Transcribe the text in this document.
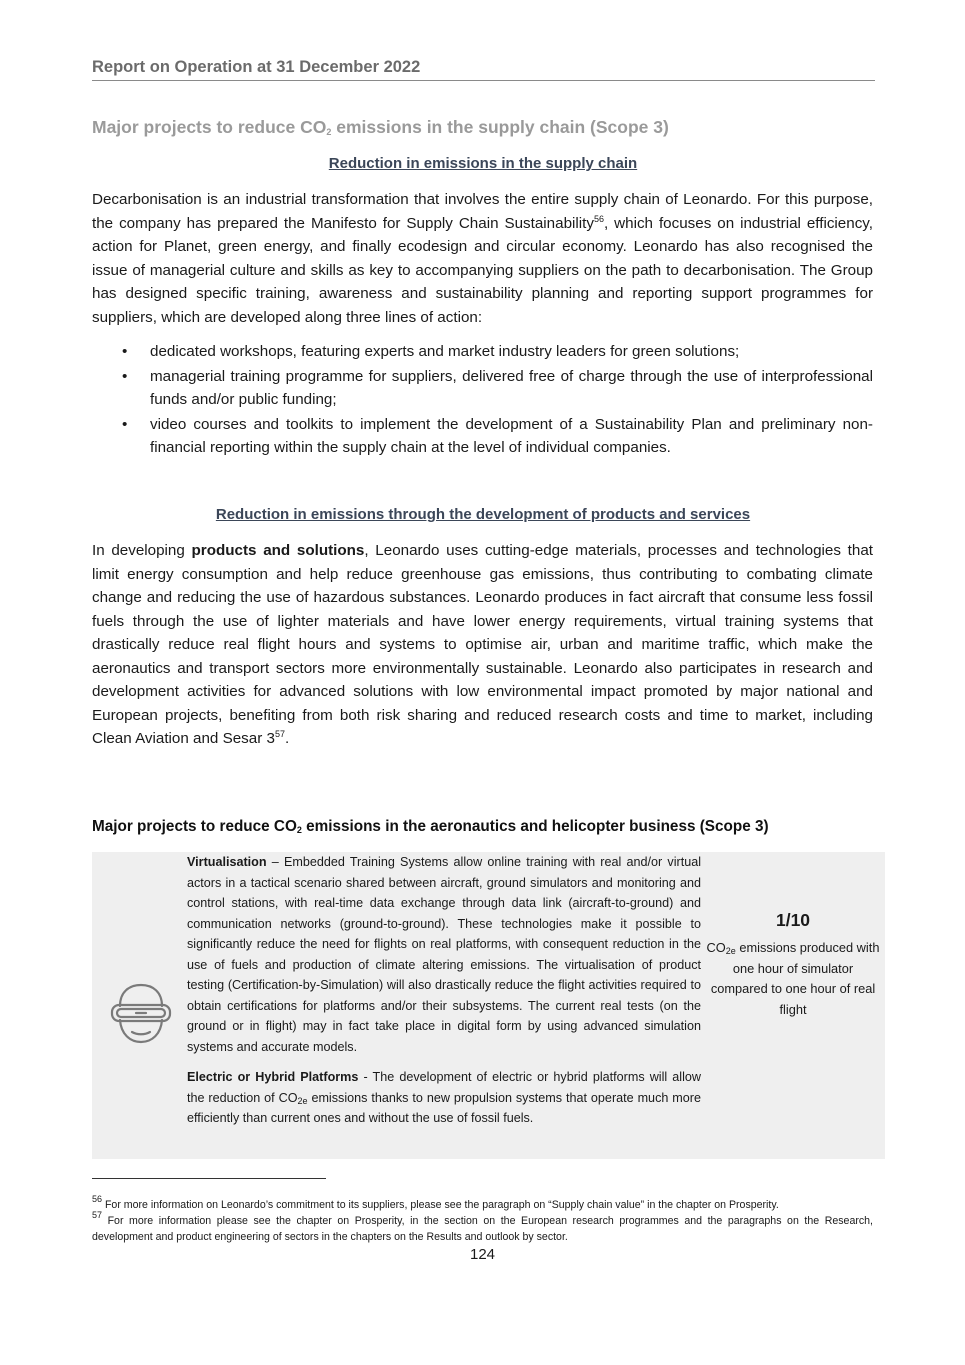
Report on Operation at 31 December 2022
Major projects to reduce $CO_2$ emissions in the supply chain (Scope 3)
Reduction in emissions in the supply chain

Decarbonisation is an industrial transformation that involves the entire supply chain of Leonardo. For this purpose, the company has prepared the Manifesto for Supply Chain Sustainability$^{56}$, which focuses on industrial efficiency, action for Planet, green energy, and finally ecodesign and circular economy. Leonardo has also recognised the issue of managerial culture and skills as key to accompanying suppliers on the path to decarbonisation. The Group has designed specific training, awareness and sustainability planning and reporting support programmes for suppliers, which are developed along three lines of action:

• dedicated workshops, featuring experts and market industry leaders for green solutions;
• managerial training programme for suppliers, delivered free of charge through the use of interprofessional funds and/or public funding;
• video courses and toolkits to implement the development of a Sustainability Plan and preliminary non-financial reporting within the supply chain at the level of individual companies.
Reduction in emissions through the development of products and services

In developing products and solutions, Leonardo uses cutting-edge materials, processes and technologies that limit energy consumption and help reduce greenhouse gas emissions, thus contributing to combating climate change and reducing the use of hazardous substances. Leonardo produces in fact aircraft that consume less fossil fuels through the use of lighter materials and have lower energy requirements, virtual training systems that drastically reduce real flight hours and systems to optimise air, urban and maritime traffic, which make the aeronautics and transport sectors more environmentally sustainable. Leonardo also participates in research and development activities for advanced solutions with low environmental impact promoted by major national and European projects, benefiting from both risk sharing and reduced research costs and time to market, including Clean Aviation and Sesar $3^{57}$.

Major projects to reduce $CO_2$ emissions in the aeronautics and helicopter business (Scope 3)

Virtualisation – Embedded Training Systems allow online training with real and/or virtual actors in a tactical scenario shared between aircraft, ground simulators and monitoring and control stations, with real-time data exchange through data link (aircraft-to-ground) and communication networks (ground-to-ground). These technologies make it possible to significantly reduce the need for flights on real platforms, with consequent reduction in the use of fuels and production of climate altering emissions. The virtualisation of product testing (Certification-by-Simulation) will also drastically reduce the flight activities required to obtain certifications for platforms and/or their subsystems. The current real tests (on the ground or in flight) may in fact take place in digital form by using advanced simulation systems and accurate models.

Electric or Hybrid Platforms - The development of electric or hybrid platforms will allow the reduction of $CO_{2e}$ emissions thanks to new propulsion systems that operate much more efficiently than current ones and without the use of fossil fuels.

1/10
$CO_{2e}$ emissions produced with one hour of simulator compared to one hour of real flight

$^{56}$ For more information on Leonardo’s commitment to its suppliers, please see the paragraph on “Supply chain value” in the chapter on Prosperity.

$^{57}$ For more information please see the chapter on Prosperity, in the section on the European research programmes and the paragraphs on the Research, development and product engineering of sectors in the chapters on the Results and outlook by sector.

124
